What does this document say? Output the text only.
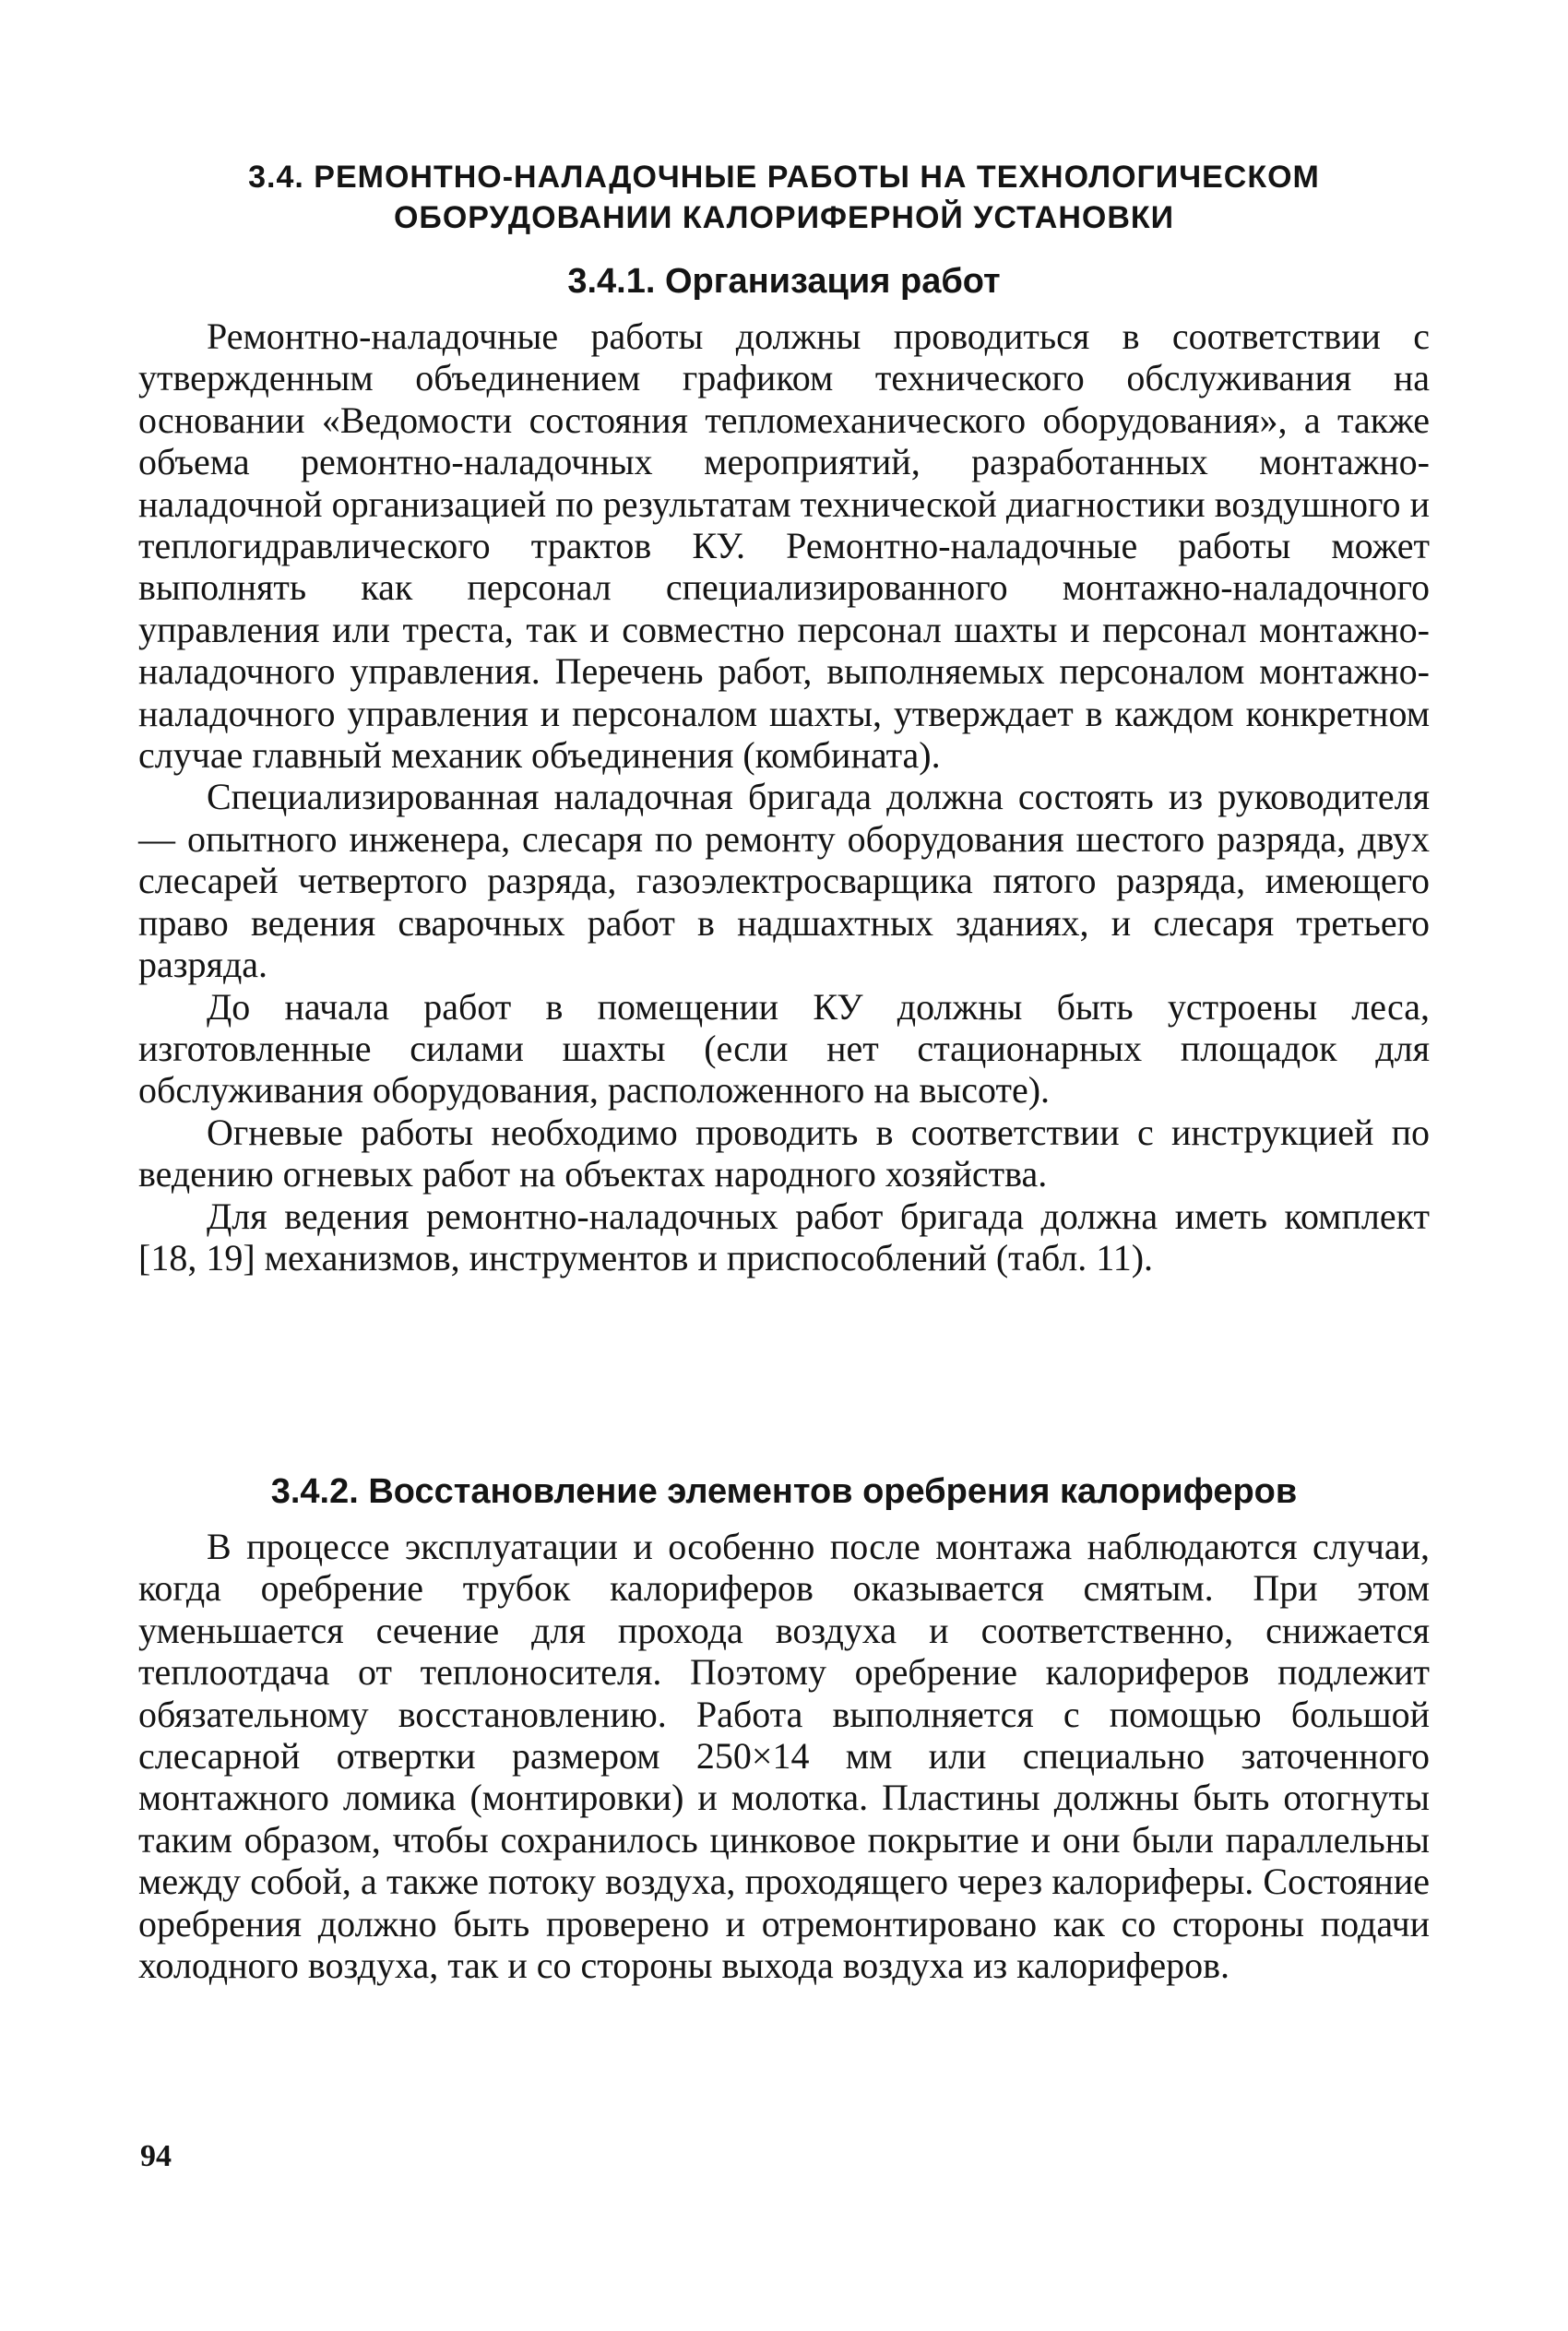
3.4. РЕМОНТНО-НАЛАДОЧНЫЕ РАБОТЫ НА ТЕХНОЛОГИЧЕСКОМ
ОБОРУДОВАНИИ КАЛОРИФЕРНОЙ УСТАНОВКИ
3.4.1. Организация работ

Ремонтно-наладочные работы должны проводиться в соответствии с утвержденным объединением графиком технического обслуживания на основании «Ведомости состояния тепломеханического оборудования», а также объема ремонтно-наладочных мероприятий, разработанных монтажно-наладочной организацией по результатам технической диагностики воздушного и теплогидравлического трактов КУ. Ремонтно-наладочные работы может выполнять как персонал специализированного монтажно-наладочного управления или треста, так и совместно персонал шахты и персонал монтажно-наладочного управления. Перечень работ, выполняемых персоналом монтажно-наладочного управления и персоналом шахты, утверждает в каждом конкретном случае главный механик объединения (комбината).

Специализированная наладочная бригада должна состоять из руководителя — опытного инженера, слесаря по ремонту оборудования шестого разряда, двух слесарей четвертого разряда, газоэлектросварщика пятого разряда, имеющего право ведения сварочных работ в надшахтных зданиях, и слесаря третьего разряда.

До начала работ в помещении КУ должны быть устроены леса, изготовленные силами шахты (если нет стационарных площадок для обслуживания оборудования, расположенного на высоте).

Огневые работы необходимо проводить в соответствии с инструкцией по ведению огневых работ на объектах народного хозяйства.

Для ведения ремонтно-наладочных работ бригада должна иметь комплект [18, 19] механизмов, инструментов и приспособлений (табл. 11).

3.4.2. Восстановление элементов оребрения калориферов

В процессе эксплуатации и особенно после монтажа наблюдаются случаи, когда оребрение трубок калориферов оказывается смятым. При этом уменьшается сечение для прохода воздуха и соответственно, снижается теплоотдача от теплоносителя. Поэтому оребрение калориферов подлежит обязательному восстановлению. Работа выполняется с помощью большой слесарной отвертки размером 250×14 мм или специально заточенного монтажного ломика (монтировки) и молотка. Пластины должны быть отогнуты таким образом, чтобы сохранилось цинковое покрытие и они были параллельны между собой, а также потоку воздуха, проходящего через калориферы. Состояние оребрения должно быть проверено и отремонтировано как со стороны подачи холодного воздуха, так и со стороны выхода воздуха из калориферов.

94
